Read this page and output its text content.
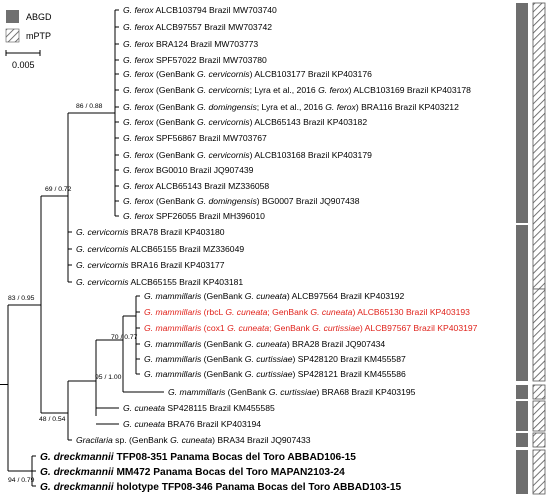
ABGD
mPTP
0.005
86 / 0.88
69 / 0.72
83 / 0.95
70 / 0.77
95 / 1.00
48 / 0.54
94 / 0.79
G. ferox ALCB103794 Brazil MW703740
G. ferox ALCB97557 Brazil MW703742
G. ferox BRA124 Brazil MW703773
G. ferox SPF57022 Brazil MW703780
G. ferox (GenBank G. cervicornis) ALCB103177 Brazil KP403176
G. ferox (GenBank G. cervicornis; Lyra et al., 2016 G. ferox) ALCB103169 Brazil KP403178
G. ferox (GenBank G. domingensis; Lyra et al., 2016 G. ferox) BRA116 Brazil KP403212
G. ferox (GenBank G. cervicornis) ALCB65143 Brazil KP403182
G. ferox SPF56867 Brazil MW703767
G. ferox (GenBank G. cervicornis) ALCB103168 Brazil KP403179
G. ferox BG0010 Brazil JQ907439
G. ferox ALCB65143 Brazil MZ336058
G. ferox (GenBank G. domingensis) BG0007 Brazil JQ907438
G. ferox SPF26055 Brazil MH396010
G. cervicornis BRA78 Brazil KP403180
G. cervicornis ALCB65155 Brazil MZ336049
G. cervicornis BRA16 Brazil KP403177
G. cervicornis ALCB65155 Brazil KP403181
G. mammillaris (GenBank G. cuneata) ALCB97564 Brazil KP403192
G. mammillaris (rbcL G. cuneata; GenBank G. cuneata) ALCB65130 Brazil KP403193
G. mammillaris (cox1 G. cuneata; GenBank G. curtissiae) ALCB97567 Brazil KP403197
G. mammillaris (GenBank G. cuneata) BRA28 Brazil JQ907434
G. mammillaris (GenBank G. curtissiae) SP428120 Brazil KM455587
G. mammillaris (GenBank G. curtissiae) SP428121 Brazil KM455586
G. mammillaris (GenBank G. curtissiae) BRA68 Brazil KP403195
G. cuneata SP428115 Brazil KM455585
G. cuneata BRA76 Brazil KP403194
Gracilaria sp. (GenBank G. cuneata) BRA34 Brazil JQ907433
G. dreckmannii TFP08-351 Panama Bocas del Toro ABBAD106-15
G. dreckmannii MM472 Panama Bocas del Toro MAPAN2103-24
G. dreckmannii holotype TFP08-346 Panama Bocas del Toro ABBAD103-15
